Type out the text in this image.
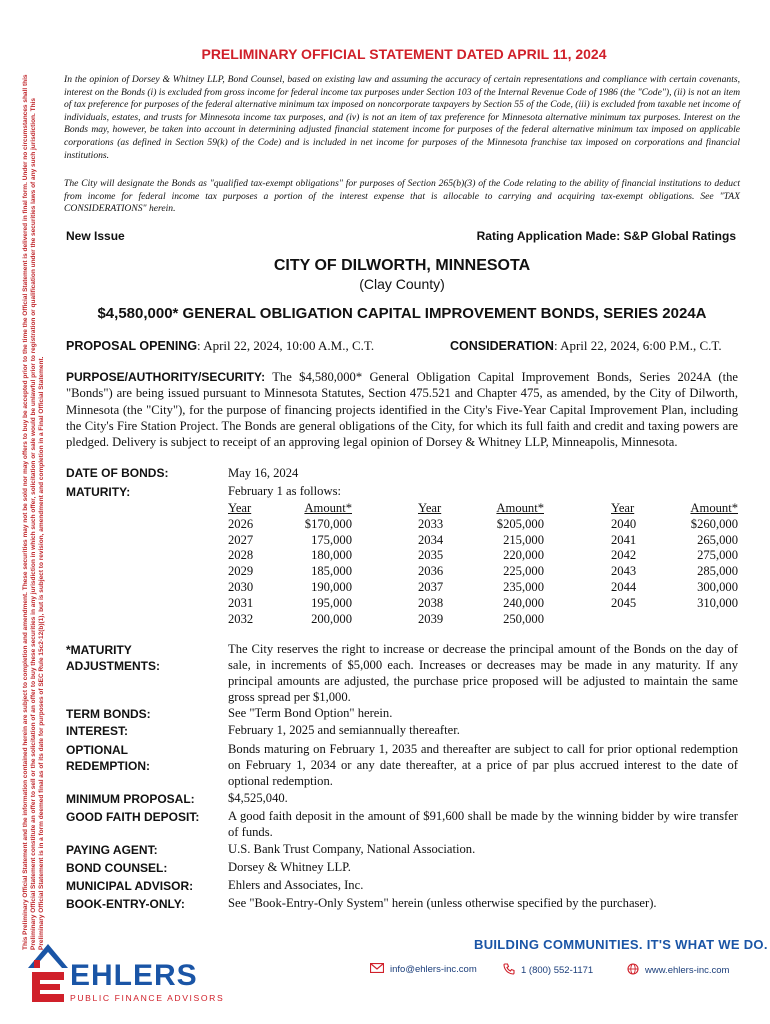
This Preliminary Official Statement and the information contained herein are subject to completion and amendment. These securities may not be sold nor may offers to buy be accepted prior to the time the Official Statement is delivered in final form. Under no circumstances shall this Preliminary Official Statement constitute an offer to sell or the solicitation of an offer to buy these securities in any jurisdiction in which such offer, solicitation or sale would be unlawful prior to registration or qualification under the securities laws of any such jurisdiction. This Preliminary Official Statement is in a form deemed final as of its date for purposes of SEC Rule 15c2-12(b)(1), but is subject to revision, amendment and completion in a Final Official Statement.
PRELIMINARY OFFICIAL STATEMENT DATED APRIL 11, 2024
In the opinion of Dorsey & Whitney LLP, Bond Counsel, based on existing law and assuming the accuracy of certain representations and compliance with certain covenants, interest on the Bonds (i) is excluded from gross income for federal income tax purposes under Section 103 of the Internal Revenue Code of 1986 (the "Code"), (ii) is not an item of tax preference for purposes of the federal alternative minimum tax imposed on noncorporate taxpayers by Section 55 of the Code, (iii) is excluded from taxable net income of individuals, estates, and trusts for Minnesota income tax purposes, and (iv) is not an item of tax preference for Minnesota alternative minimum tax purposes. Interest on the Bonds may, however, be taken into account in determining adjusted financial statement income for purposes of the federal alternative minimum tax imposed on applicable corporations (as defined in Section 59(k) of the Code) and is included in net income for purposes of the Minnesota franchise tax imposed on corporations and financial institutions.
The City will designate the Bonds as "qualified tax-exempt obligations" for purposes of Section 265(b)(3) of the Code relating to the ability of financial institutions to deduct from income for federal income tax purposes a portion of the interest expense that is allocable to carrying and acquiring tax-exempt obligations. See "TAX CONSIDERATIONS" herein.
New Issue	Rating Application Made: S&P Global Ratings
CITY OF DILWORTH, MINNESOTA
(Clay County)
$4,580,000* GENERAL OBLIGATION CAPITAL IMPROVEMENT BONDS, SERIES 2024A
PROPOSAL OPENING: April 22, 2024, 10:00 A.M., C.T.	CONSIDERATION: April 22, 2024, 6:00 P.M., C.T.
PURPOSE/AUTHORITY/SECURITY: The $4,580,000* General Obligation Capital Improvement Bonds, Series 2024A (the "Bonds") are being issued pursuant to Minnesota Statutes, Section 475.521 and Chapter 475, as amended, by the City of Dilworth, Minnesota (the "City"), for the purpose of financing projects identified in the City's Five-Year Capital Improvement Plan, including the City's Fire Station Project. The Bonds are general obligations of the City, for which its full faith and credit and taxing powers are pledged. Delivery is subject to receipt of an approving legal opinion of Dorsey & Whitney LLP, Minneapolis, Minnesota.
DATE OF BONDS:	May 16, 2024
MATURITY:	February 1 as follows:
Year	Amount*
2026	$170,000
2027	175,000
2028	180,000
2029	185,000
2030	190,000
2031	195,000
2032	200,000
Year	Amount*
2033	$205,000
2034	215,000
2035	220,000
2036	225,000
2037	235,000
2038	240,000
2039	250,000
Year	Amount*
2040	$260,000
2041	265,000
2042	275,000
2043	285,000
2044	300,000
2045	310,000
*MATURITY ADJUSTMENTS:
The City reserves the right to increase or decrease the principal amount of the Bonds on the day of sale, in increments of $5,000 each. Increases or decreases may be made in any maturity. If any principal amounts are adjusted, the purchase price proposed will be adjusted to maintain the same gross spread per $1,000.
TERM BONDS:	See "Term Bond Option" herein.
INTEREST:	February 1, 2025 and semiannually thereafter.
OPTIONAL REDEMPTION:
Bonds maturing on February 1, 2035 and thereafter are subject to call for prior optional redemption on February 1, 2034 or any date thereafter, at a price of par plus accrued interest to the date of optional redemption.
MINIMUM PROPOSAL:	$4,525,040.
GOOD FAITH DEPOSIT:	A good faith deposit in the amount of $91,600 shall be made by the winning bidder by wire transfer of funds.
PAYING AGENT:	U.S. Bank Trust Company, National Association.
BOND COUNSEL:	Dorsey & Whitney LLP.
MUNICIPAL ADVISOR:	Ehlers and Associates, Inc.
BOOK-ENTRY-ONLY:	See "Book-Entry-Only System" herein (unless otherwise specified by the purchaser).
EHLERS
PUBLIC FINANCE ADVISORS
BUILDING COMMUNITIES. IT'S WHAT WE DO.
info@ehlers-inc.com	1 (800) 552-1171	www.ehlers-inc.com
